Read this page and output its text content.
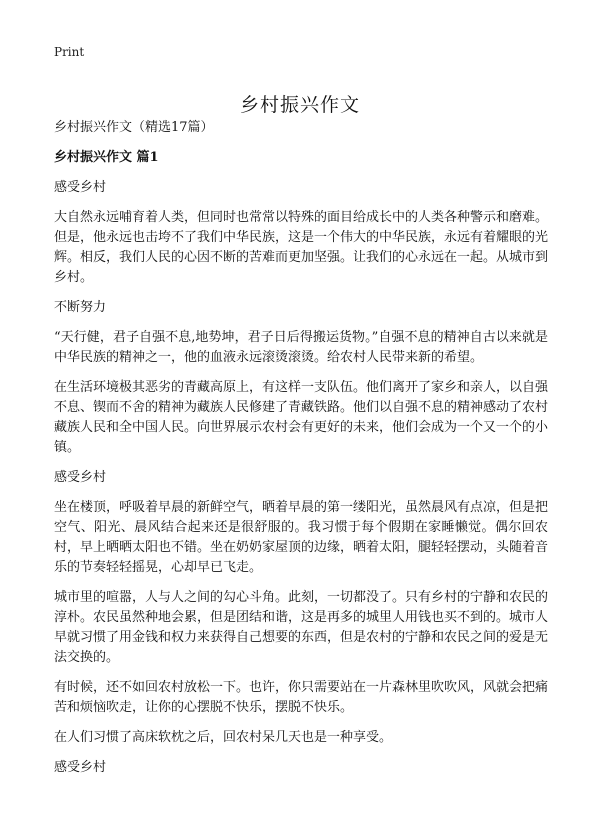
Print
乡村振兴作文
乡村振兴作文（精选17篇）
乡村振兴作文 篇1
感受乡村

大自然永远哺育着人类，但同时也常常以特殊的面目给成长中的人类各种警示和磨难。但是，他永远也击垮不了我们中华民族，这是一个伟大的中华民族，永远有着耀眼的光辉。相反，我们人民的心因不断的苦难而更加坚强。让我们的心永远在一起。从城市到乡村。

不断努力

“天行健，君子自强不息,地势坤，君子日后得搬运货物。”自强不息的精神自古以来就是中华民族的精神之一，他的血液永远滚烫滚烫。给农村人民带来新的希望。

在生活环境极其恶劣的青藏高原上，有这样一支队伍。他们离开了家乡和亲人，以自强不息、锲而不舍的精神为藏族人民修建了青藏铁路。他们以自强不息的精神感动了农村藏族人民和全中国人民。向世界展示农村会有更好的未来，他们会成为一个又一个的小镇。

感受乡村

坐在楼顶，呼吸着早晨的新鲜空气，晒着早晨的第一缕阳光，虽然晨风有点凉，但是把空气、阳光、晨风结合起来还是很舒服的。我习惯于每个假期在家睡懒觉。偶尔回农村，早上晒晒太阳也不错。坐在奶奶家屋顶的边缘，晒着太阳，腿轻轻摆动，头随着音乐的节奏轻轻摇晃，心却早已飞走。

城市里的喧嚣，人与人之间的勾心斗角。此刻，一切都没了。只有乡村的宁静和农民的淳朴。农民虽然种地会累，但是团结和谐，这是再多的城里人用钱也买不到的。城市人早就习惯了用金钱和权力来获得自己想要的东西，但是农村的宁静和农民之间的爱是无法交换的。

有时候，还不如回农村放松一下。也许，你只需要站在一片森林里吹吹风，风就会把痛苦和烦恼吹走，让你的心摆脱不快乐，摆脱不快乐。

在人们习惯了高床软枕之后，回农村呆几天也是一种享受。

感受乡村
